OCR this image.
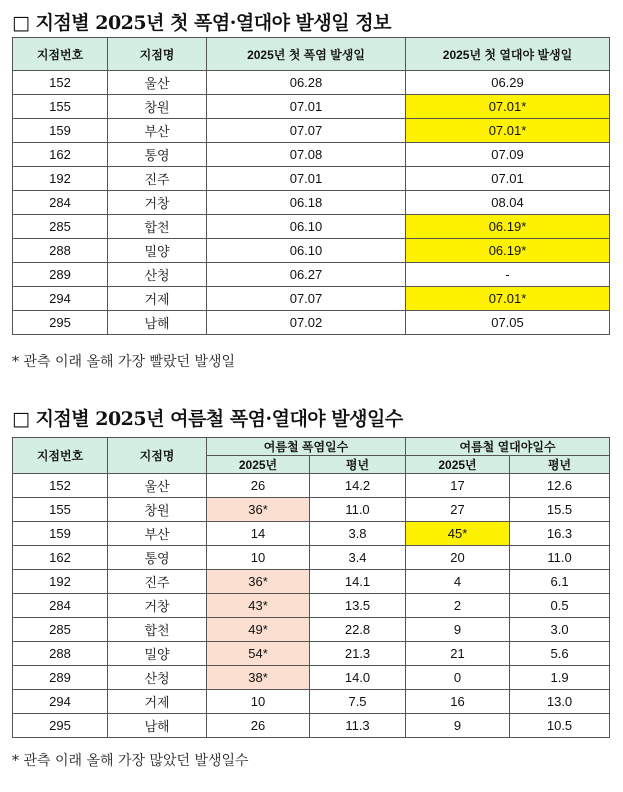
□ 지점별 2025년 첫 폭염·열대야 발생일 정보
지점번호	지점명	2025년 첫 폭염 발생일	2025년 첫 열대야 발생일
152	울산	06.28	06.29
155	창원	07.01	07.01*
159	부산	07.07	07.01*
162	통영	07.08	07.09
192	진주	07.01	07.01
284	거창	06.18	08.04
285	합천	06.10	06.19*
288	밀양	06.10	06.19*
289	산청	06.27	-
294	거제	07.07	07.01*
295	남해	07.02	07.05
* 관측 이래 올해 가장 빨랐던 발생일
□ 지점별 2025년 여름철 폭염·열대야 발생일수
지점번호	지점명	여름철 폭염일수		여름철 열대야일수	
		2025년	평년	2025년	평년
152	울산	26	14.2	17	12.6
155	창원	36*	11.0	27	15.5
159	부산	14	3.8	45*	16.3
162	통영	10	3.4	20	11.0
192	진주	36*	14.1	4	6.1
284	거창	43*	13.5	2	0.5
285	합천	49*	22.8	9	3.0
288	밀양	54*	21.3	21	5.6
289	산청	38*	14.0	0	1.9
294	거제	10	7.5	16	13.0
295	남해	26	11.3	9	10.5
* 관측 이래 올해 가장 많았던 발생일수
